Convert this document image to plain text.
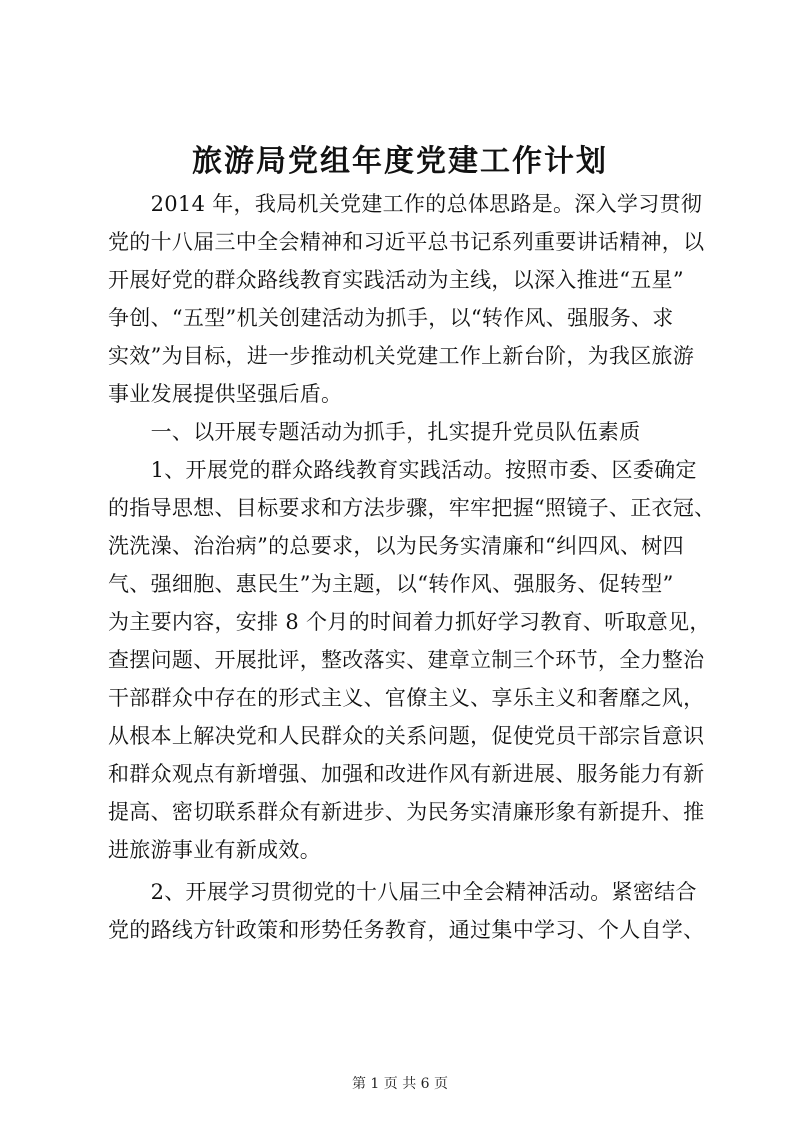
旅游局党组年度党建工作计划
　　2014 年，我局机关党建工作的总体思路是。深入学习贯彻
党的十八届三中全会精神和习近平总书记系列重要讲话精神，以
开展好党的群众路线教育实践活动为主线，以深入推进“五星”
争创、“五型”机关创建活动为抓手，以“转作风、强服务、求
实效”为目标，进一步推动机关党建工作上新台阶，为我区旅游
事业发展提供坚强后盾。
　　一、以开展专题活动为抓手，扎实提升党员队伍素质
　　1、开展党的群众路线教育实践活动。按照市委、区委确定
的指导思想、目标要求和方法步骤，牢牢把握“照镜子、正衣冠、
洗洗澡、治治病”的总要求，以为民务实清廉和“纠四风、树四
气、强细胞、惠民生”为主题，以“转作风、强服务、促转型”
为主要内容，安排 8 个月的时间着力抓好学习教育、听取意见，
查摆问题、开展批评，整改落实、建章立制三个环节，全力整治
干部群众中存在的形式主义、官僚主义、享乐主义和奢靡之风，
从根本上解决党和人民群众的关系问题，促使党员干部宗旨意识
和群众观点有新增强、加强和改进作风有新进展、服务能力有新
提高、密切联系群众有新进步、为民务实清廉形象有新提升、推
进旅游事业有新成效。
　　2、开展学习贯彻党的十八届三中全会精神活动。紧密结合
党的路线方针政策和形势任务教育，通过集中学习、个人自学、
第 1 页 共 6 页
